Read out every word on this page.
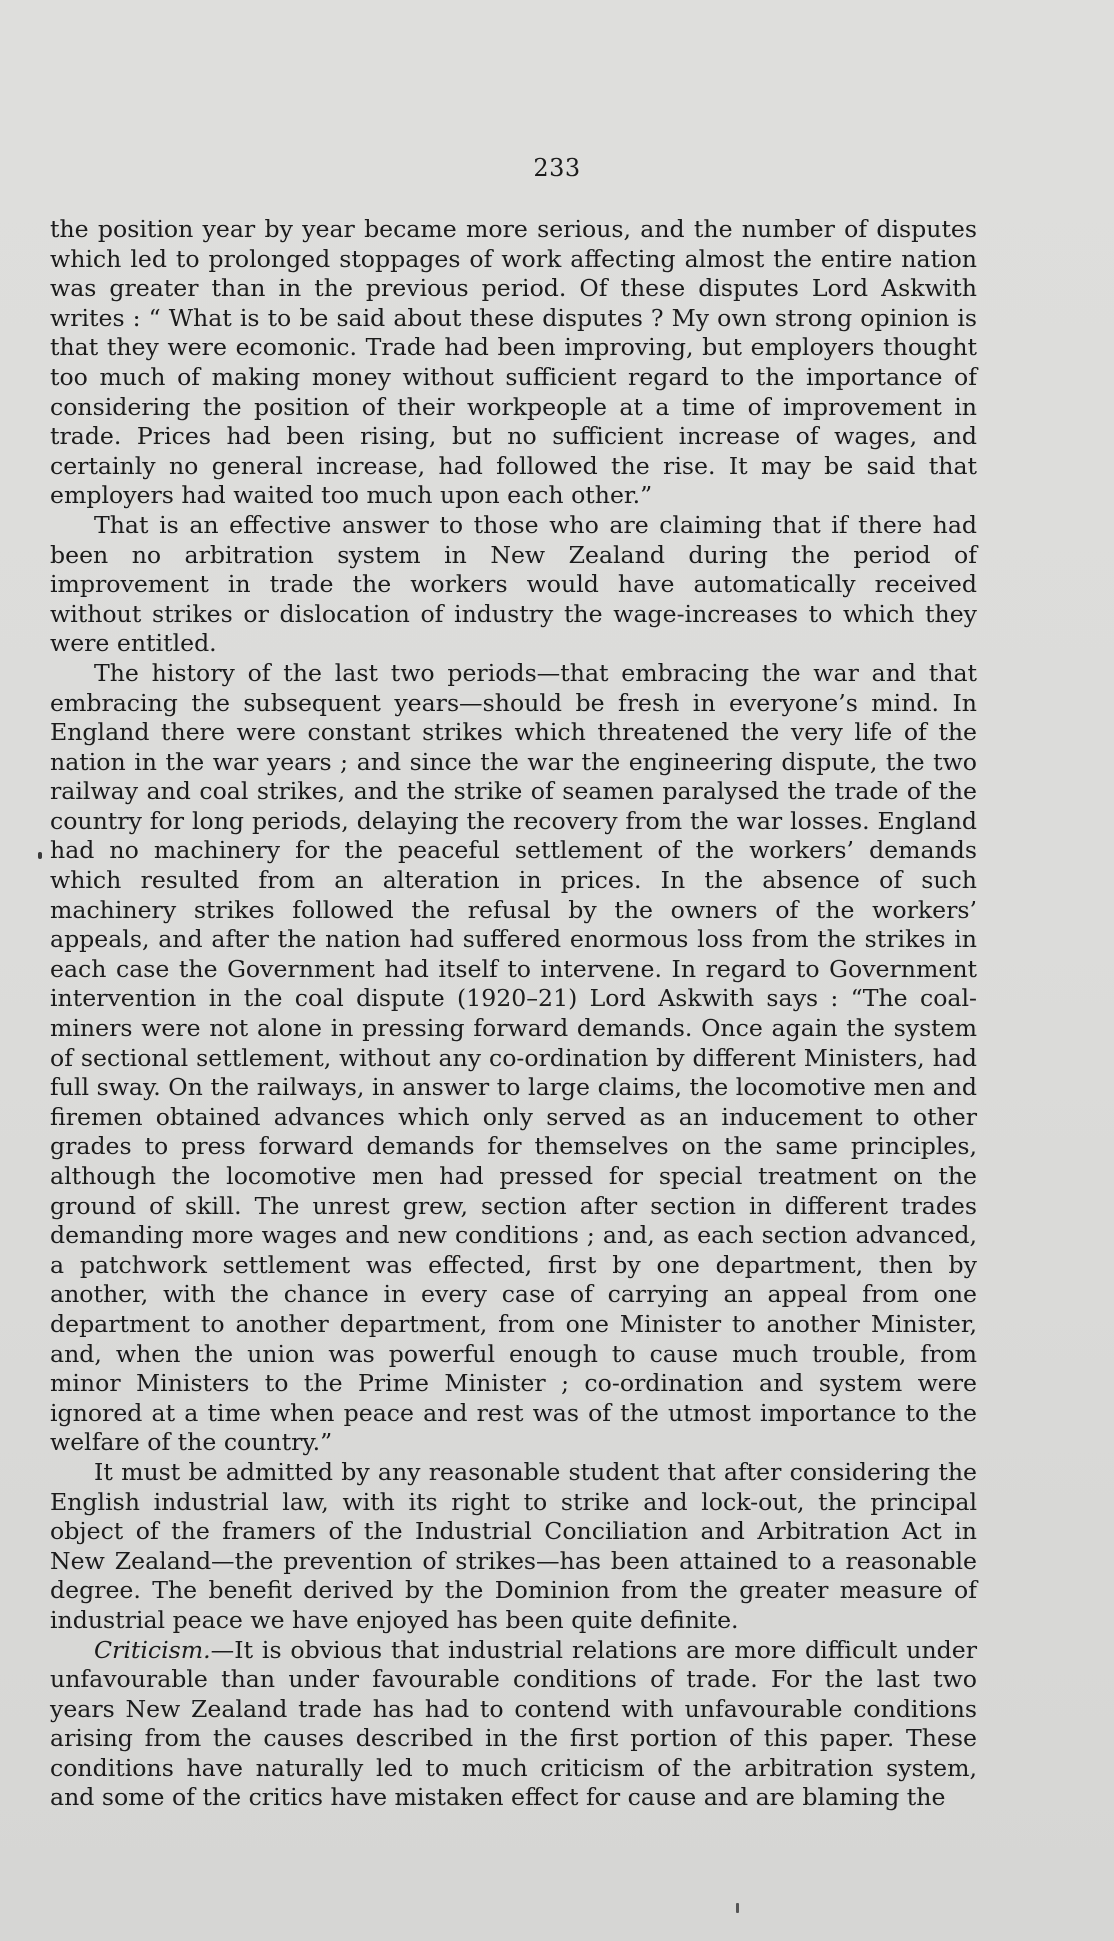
233

the position year by year became more serious, and the number of disputes which led to prolonged stoppages of work affecting almost the entire nation was greater than in the previous period. Of these disputes Lord Askwith writes : “ What is to be said about these disputes ? My own strong opinion is that they were ecomonic. Trade had been improving, but employers thought too much of making money without sufficient regard to the importance of considering the position of their workpeople at a time of improvement in trade. Prices had been rising, but no sufficient increase of wages, and certainly no general increase, had followed the rise. It may be said that employers had waited too much upon each other.”

That is an effective answer to those who are claiming that if there had been no arbitration system in New Zealand during the period of improvement in trade the workers would have automatically received without strikes or dislocation of industry the wage-increases to which they were entitled.

The history of the last two periods—that embracing the war and that embracing the subsequent years—should be fresh in everyone’s mind. In England there were constant strikes which threatened the very life of the nation in the war years ; and since the war the engineering dispute, the two railway and coal strikes, and the strike of seamen paralysed the trade of the country for long periods, delaying the recovery from the war losses. England had no machinery for the peaceful settlement of the workers’ demands which resulted from an alteration in prices. In the absence of such machinery strikes followed the refusal by the owners of the workers’ appeals, and after the nation had suffered enormous loss from the strikes in each case the Government had itself to intervene. In regard to Government intervention in the coal dispute (1920–21) Lord Askwith says : “The coal-miners were not alone in pressing forward demands. Once again the system of sectional settlement, without any co-ordination by different Ministers, had full sway. On the railways, in answer to large claims, the locomotive men and firemen obtained advances which only served as an inducement to other grades to press forward demands for themselves on the same principles, although the locomotive men had pressed for special treatment on the ground of skill. The unrest grew, section after section in different trades demanding more wages and new conditions ; and, as each section advanced, a patchwork settlement was effected, first by one department, then by another, with the chance in every case of carrying an appeal from one department to another department, from one Minister to another Minister, and, when the union was powerful enough to cause much trouble, from minor Ministers to the Prime Minister ; co-ordination and system were ignored at a time when peace and rest was of the utmost importance to the welfare of the country.”

It must be admitted by any reasonable student that after considering the English industrial law, with its right to strike and lock-out, the principal object of the framers of the Industrial Conciliation and Arbitration Act in New Zealand—the prevention of strikes—has been attained to a reasonable degree. The benefit derived by the Dominion from the greater measure of industrial peace we have enjoyed has been quite definite.

Criticism.—It is obvious that industrial relations are more difficult under unfavourable than under favourable conditions of trade. For the last two years New Zealand trade has had to contend with unfavourable conditions arising from the causes described in the first portion of this paper. These conditions have naturally led to much criticism of the arbitration system, and some of the critics have mistaken effect for cause and are blaming the
